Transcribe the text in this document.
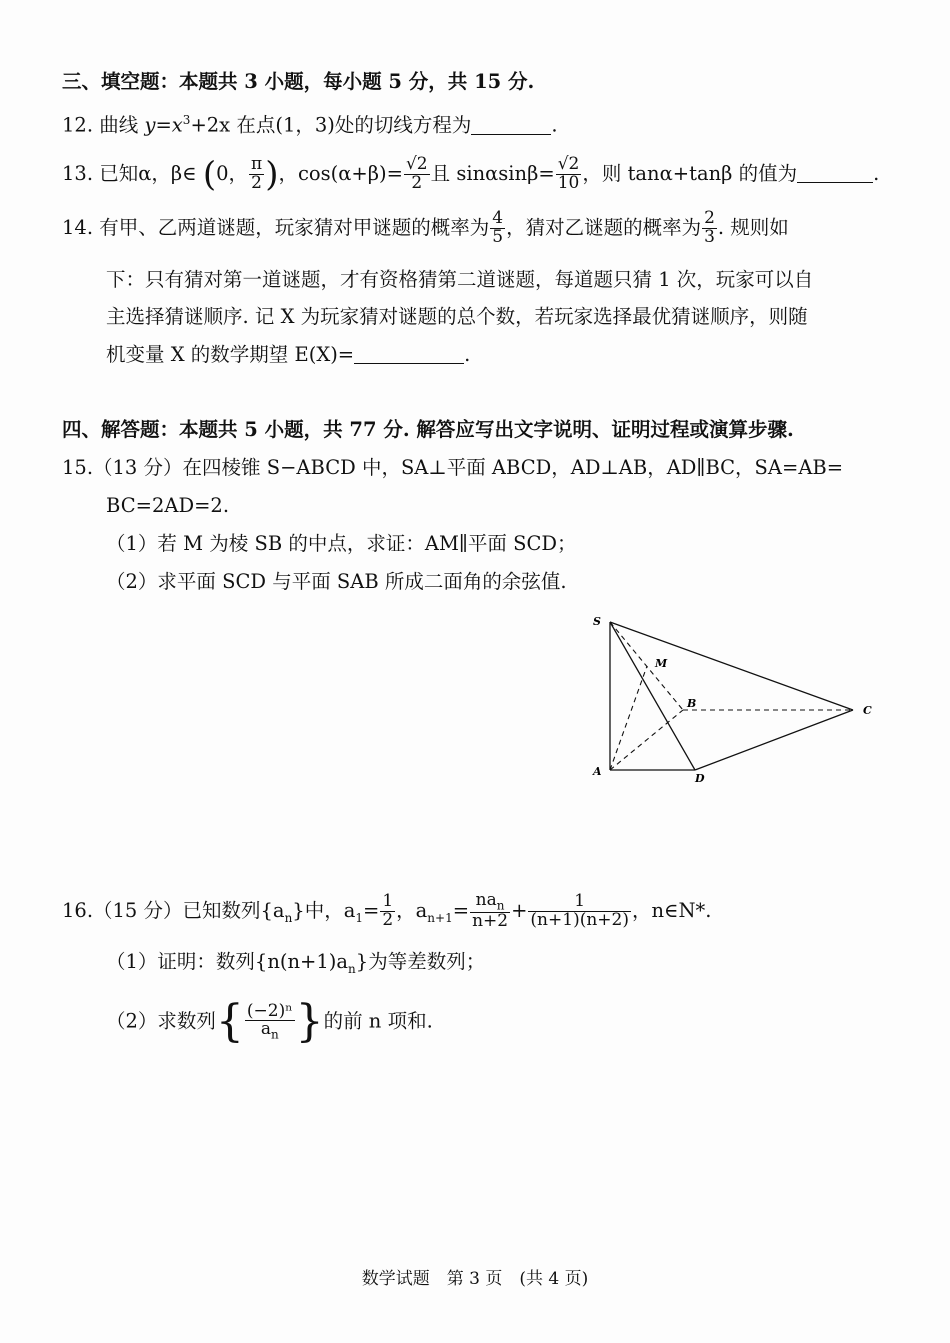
三、填空题：本题共 3 小题，每小题 5 分，共 15 分.
12. 曲线 $y=x^3+2x$ 在点(1，3)处的切线方程为	.
13. 已知α，β∈ (0， $\frac{\pi}{2}$ )，$\cos(\alpha+\beta)= \frac{√2}{2}$ 且 $\sin\alpha\sin\beta= \frac{√2}{10}$ ，则 tanα+tanβ 的值为	.
14. 有甲、乙两道谜题，玩家猜对甲谜题的概率为 $\frac{4}{5}$ ，猜对乙谜题的概率为 $\frac{2}{3}$ . 规则如
下：只有猜对第一道谜题，才有资格猜第二道谜题，每道题只猜 1 次，玩家可以自
主选择猜谜顺序. 记 X 为玩家猜对谜题的总个数，若玩家选择最优猜谜顺序，则随
机变量 X 的数学期望 E(X)=	.
四、解答题：本题共 5 小题，共 77 分. 解答应写出文字说明、证明过程或演算步骤.
15.（13 分）在四棱锥 S−ABCD 中，SA⊥平面 ABCD，AD⊥AB，AD∥BC，SA=AB=
BC=2AD=2.
（1）若 M 为棱 SB 的中点，求证：AM∥平面 SCD；
（2）求平面 SCD 与平面 SAB 所成二面角的余弦值.
S
M
B
C
A
D
16.（15 分）已知数列$\{a_n\}$中，$a_1= \frac{1}{2}$ ，$a_{n+1}= \frac{na_n}{n+2} + \frac{1}{(n+1)(n+2)}$ ，n∈N*.
（1）证明：数列$\{n(n+1)a_n\}$为等差数列；
（2）求数列{ $\frac{\text{(−2)ⁿ}}{a_n}$ }的前 n 项和.
数学试题　第 3 页　(共 4 页)
